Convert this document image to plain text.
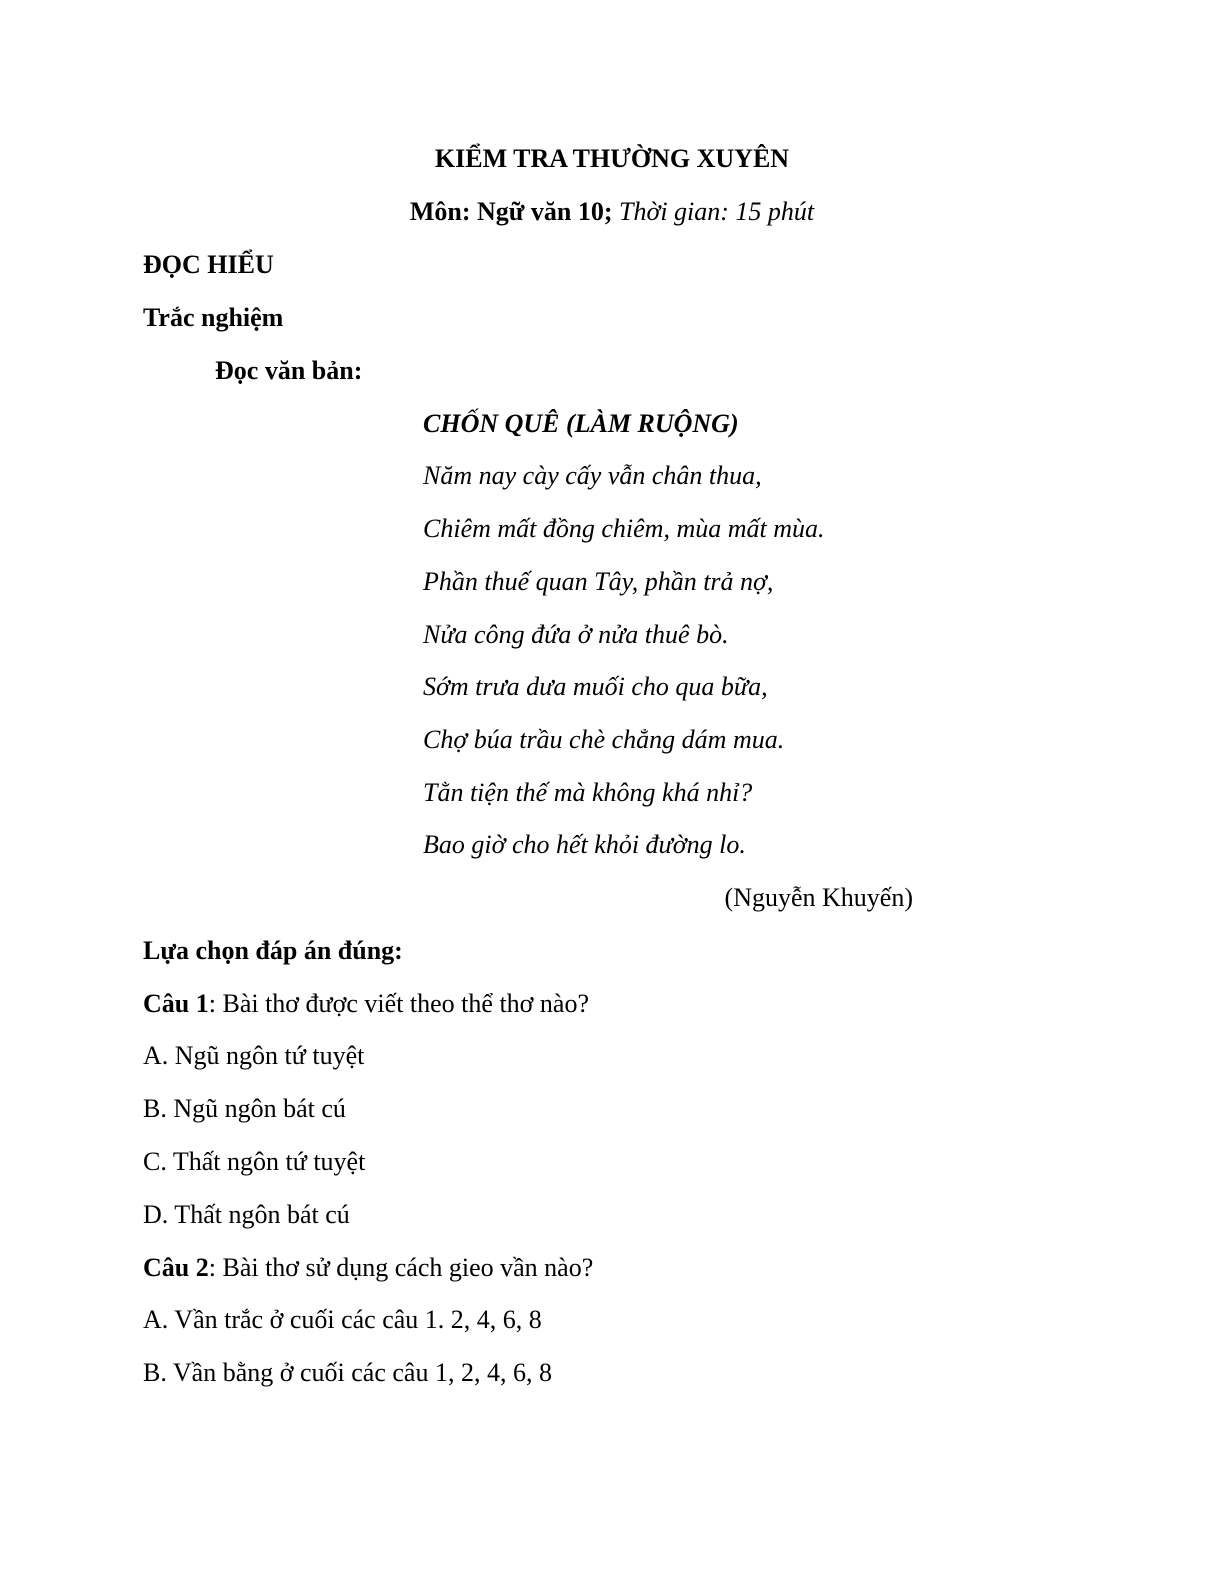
KIỂM TRA THƯỜNG XUYÊN
Môn: Ngữ văn 10; Thời gian: 15 phút
ĐỌC HIỂU
Trắc nghiệm
Đọc văn bản:
CHỐN QUÊ (LÀM RUỘNG)
Năm nay cày cấy vẫn chân thua,
Chiêm mất đồng chiêm, mùa mất mùa.
Phần thuế quan Tây, phần trả nợ,
Nửa công đứa ở nửa thuê bò.
Sớm trưa dưa muối cho qua bữa,
Chợ búa trầu chè chẳng dám mua.
Tằn tiện thế mà không khá nhỉ?
Bao giờ cho hết khỏi đường lo.
(Nguyễn Khuyến)
Lựa chọn đáp án đúng:
Câu 1: Bài thơ được viết theo thể thơ nào?
A. Ngũ ngôn tứ tuyệt
B. Ngũ ngôn bát cú
C. Thất ngôn tứ tuyệt
D. Thất ngôn bát cú
Câu 2: Bài thơ sử dụng cách gieo vần nào?
A. Vần trắc ở cuối các câu 1. 2, 4, 6, 8
B. Vần bằng ở cuối các câu 1, 2, 4, 6, 8
